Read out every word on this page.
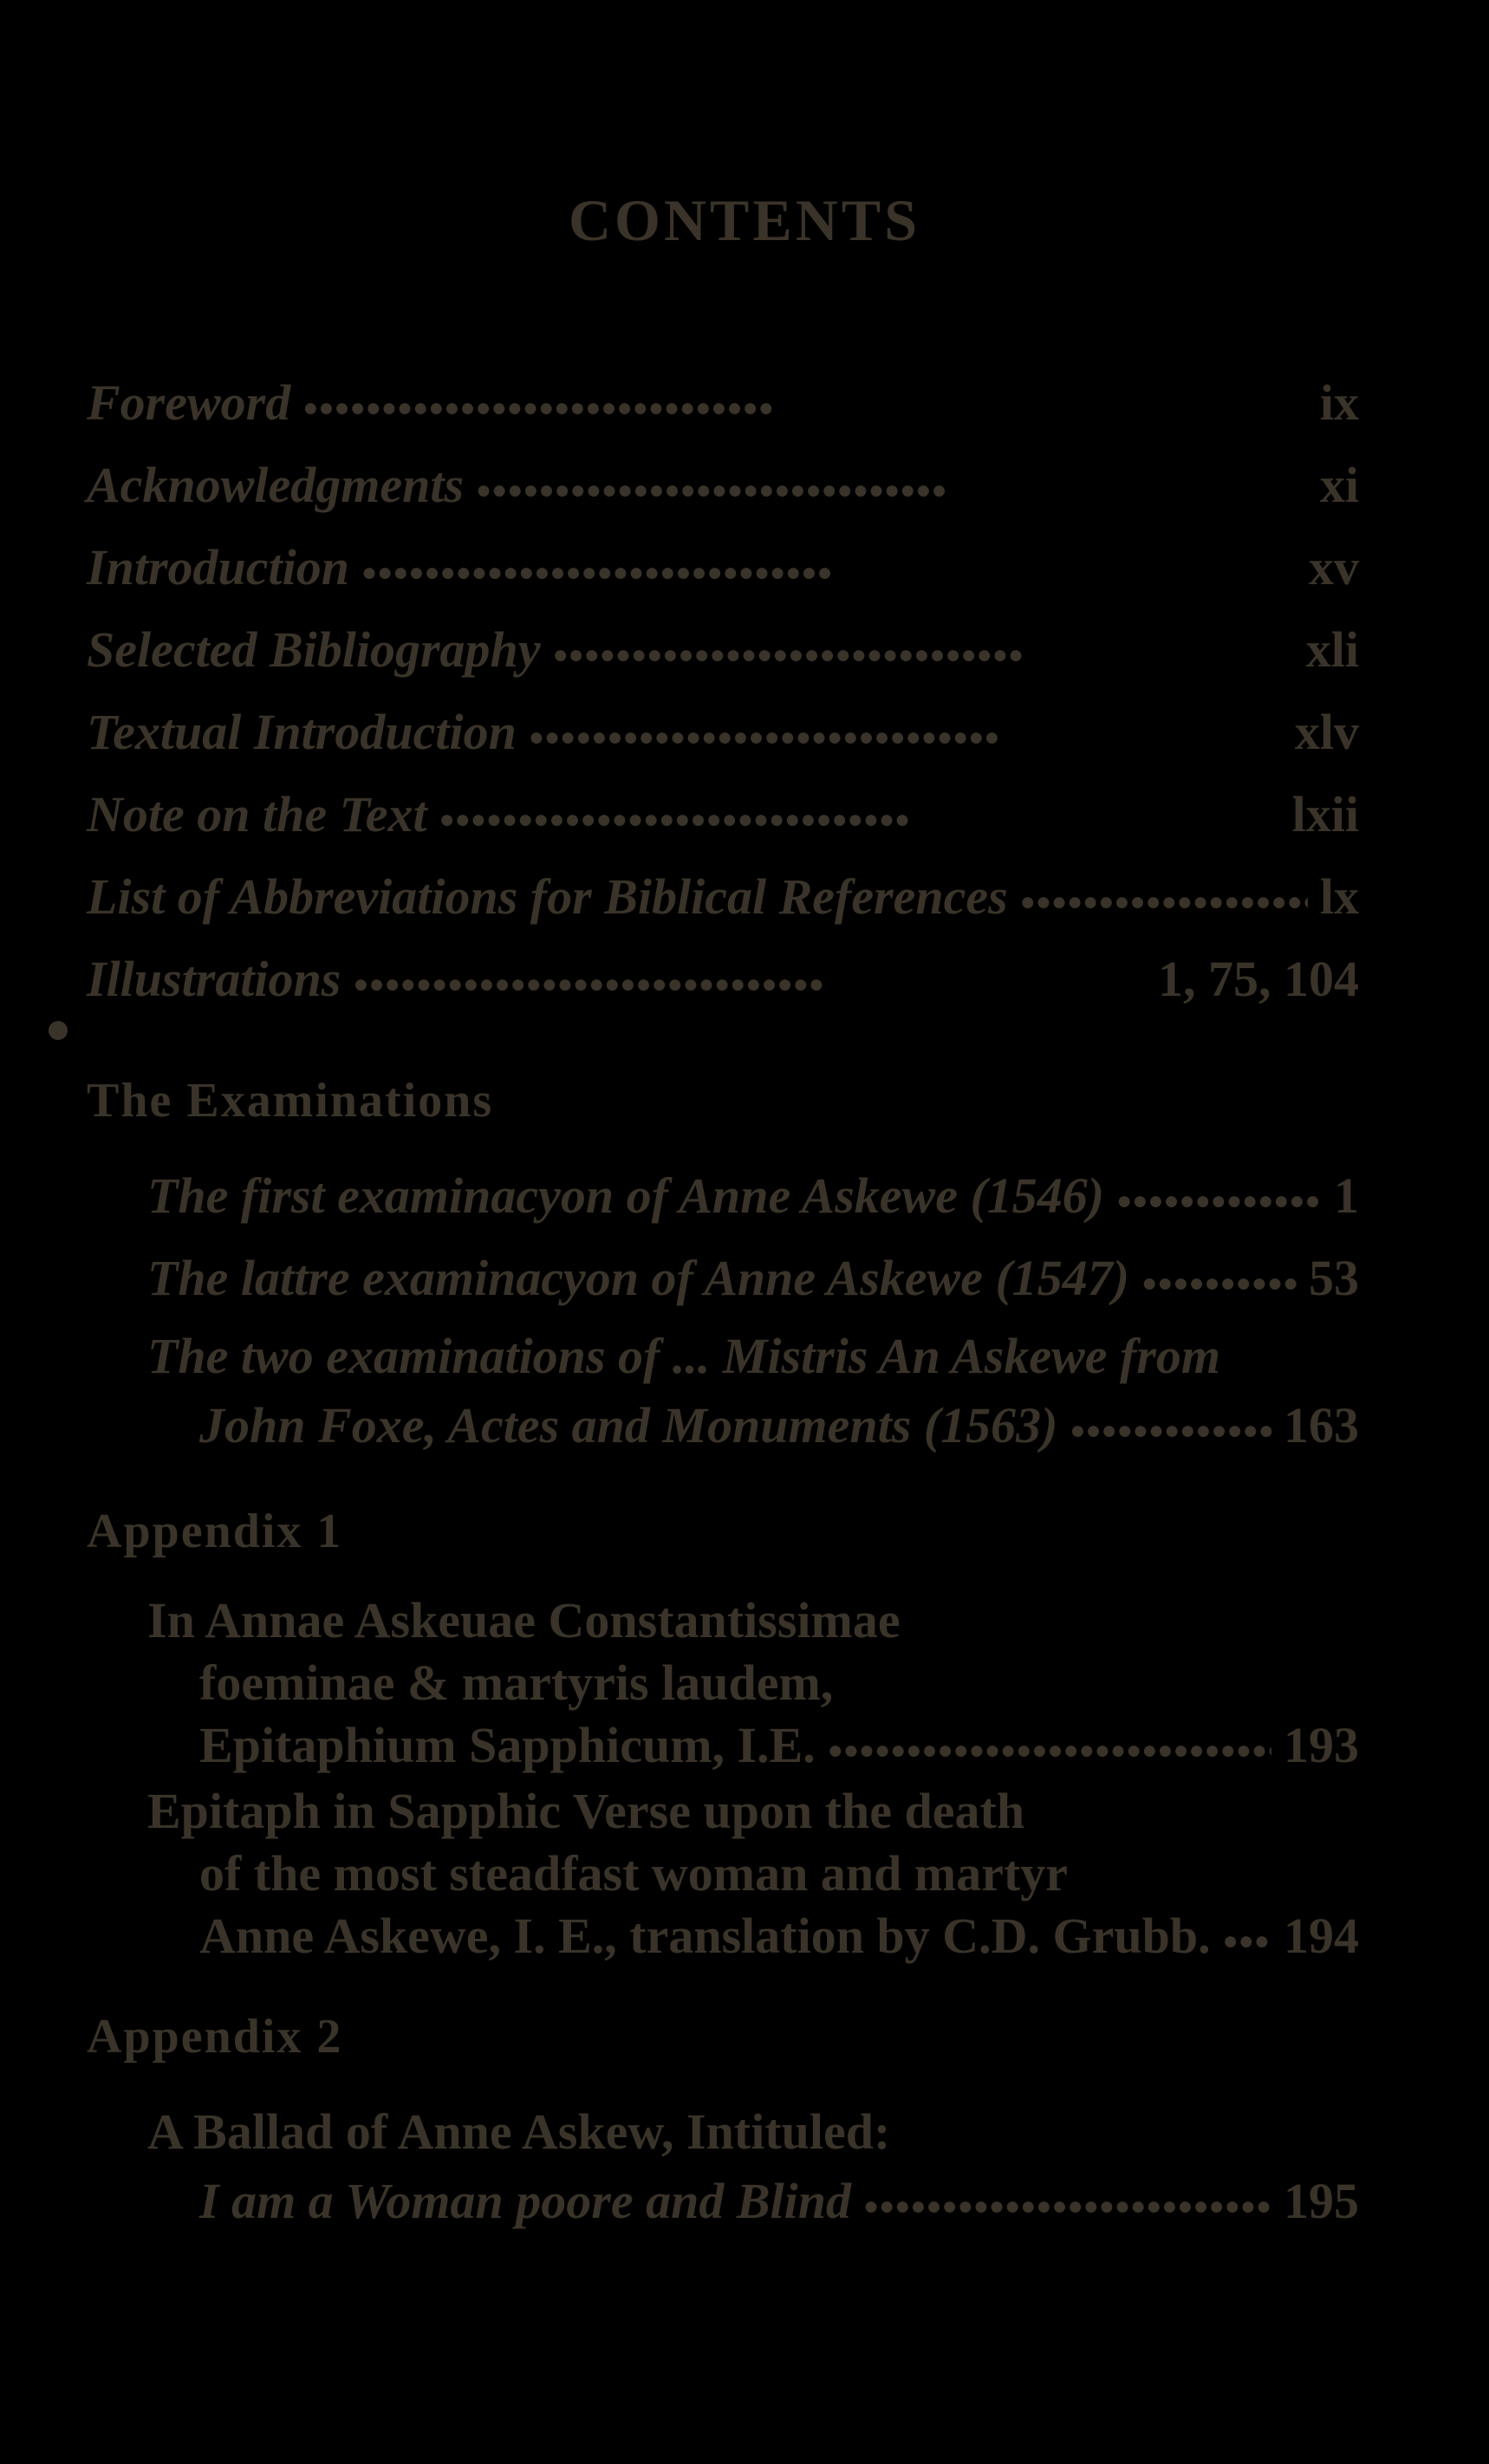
CONTENTS
Foreword ●●●●●●●●●●●●●●●●●●●●●●●●●●●●●●	ix
Acknowledgments ●●●●●●●●●●●●●●●●●●●●●●●●●●●●●●	xi
Introduction ●●●●●●●●●●●●●●●●●●●●●●●●●●●●●●	xv
Selected Bibliography ●●●●●●●●●●●●●●●●●●●●●●●●●●●●●●	xli
Textual Introduction ●●●●●●●●●●●●●●●●●●●●●●●●●●●●●●	xlv
Note on the Text ●●●●●●●●●●●●●●●●●●●●●●●●●●●●●●	lxii
List of Abbreviations for Biblical References ●●●●●●●●●●●●●●●●●●●●●●●●●●●●●●	lx
Illustrations ●●●●●●●●●●●●●●●●●●●●●●●●●●●●●●	1, 75, 104
The Examinations
The first examinacyon of Anne Askewe (1546) ●●●●●●●●●●●●●●●●●●●●●●●●●●●●●●	1
The lattre examinacyon of Anne Askewe (1547) ●●●●●●●●●●●●●●●●●●●●●●●●●●●●●●	53
The two examinations of ... Mistris An Askewe from
John Foxe, Actes and Monuments (1563) ●●●●●●●●●●●●●●●●●●●●●●●●●●●●●●	163
Appendix 1
In Annae Askeuae Constantissimae
foeminae & martyris laudem,
Epitaphium Sapphicum, I.E. ●●●●●●●●●●●●●●●●●●●●●●●●●●●●●●	193
Epitaph in Sapphic Verse upon the death
of the most steadfast woman and martyr
Anne Askewe, I. E., translation by C.D. Grubb. ●●●●●●●●●●●●●●●●●●●●●●●●●●●●●● 194
Appendix 2
A Ballad of Anne Askew, Intituled:
I am a Woman poore and Blind ●●●●●●●●●●●●●●●●●●●●●●●●●●●●●●	195
